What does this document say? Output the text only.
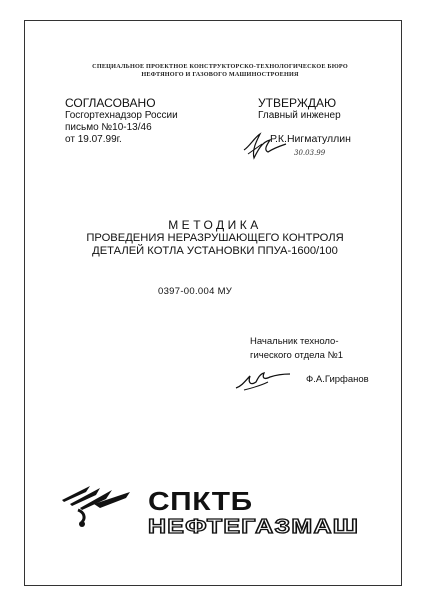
СПЕЦИАЛЬНОЕ ПРОЕКТНОЕ КОНСТРУКТОРСКО-ТЕХНОЛОГИЧЕСКОЕ БЮРО
НЕФТЯНОГО И ГАЗОВОГО МАШИНОСТРОЕНИЯ
СОГЛАСОВАНО
Госгортехнадзор России
письмо №10-13/46
от 19.07.99г.
УТВЕРЖДАЮ
Главный инженер
Р.К.Нигматуллин
30.03.99
МЕТОДИКА
ПРОВЕДЕНИЯ НЕРАЗРУШАЮЩЕГО КОНТРОЛЯ
ДЕТАЛЕЙ КОТЛА УСТАНОВКИ ППУА-1600/100
0397-00.004 МУ
Начальник техноло-
гического отдела №1
Ф.А.Гирфанов
СПКТБ
НЕФТЕГАЗМАШ
